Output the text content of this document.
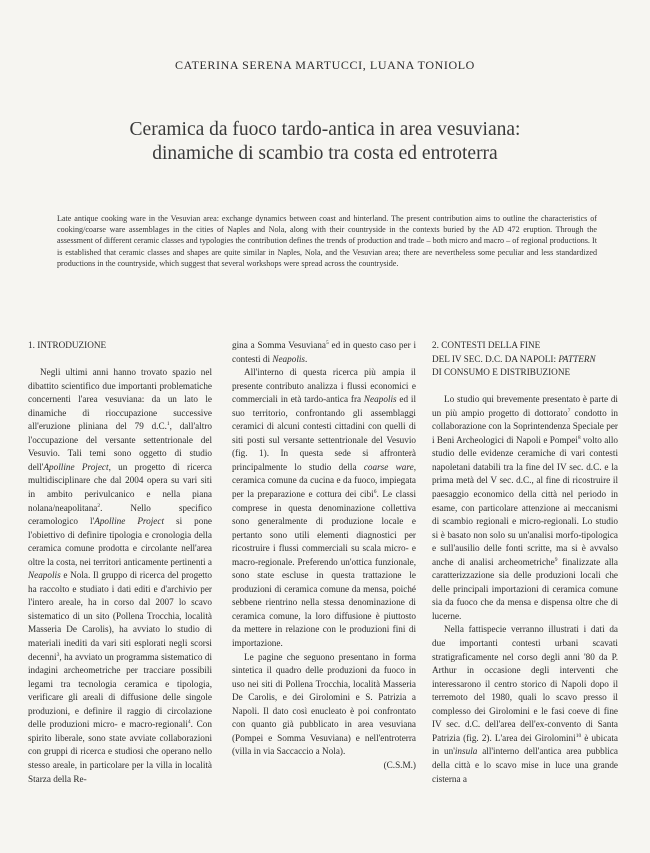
CATERINA SERENA MARTUCCI, LUANA TONIOLO
Ceramica da fuoco tardo-antica in area vesuviana:
dinamiche di scambio tra costa ed entroterra
Late antique cooking ware in the Vesuvian area: exchange dynamics between coast and hinterland. The present contribution aims to outline the characteristics of cooking/coarse ware assemblages in the cities of Naples and Nola, along with their countryside in the contexts buried by the AD 472 eruption. Through the assessment of different ceramic classes and typologies the contribution defines the trends of production and trade – both micro and macro – of regional productions. It is established that ceramic classes and shapes are quite similar in Naples, Nola, and the Vesuvian area; there are nevertheless some peculiar and less standardized productions in the countryside, which suggest that several workshops were spread across the countryside.

1. INTRODUZIONE

Negli ultimi anni hanno trovato spazio nel dibattito scientifico due importanti problematiche concernenti l'area vesuviana: da un lato le dinamiche di rioccupazione successive all'eruzione pliniana del 79 d.C.$^1$, dall'altro l'occupazione del versante settentrionale del Vesuvio. Tali temi sono oggetto di studio dell'Apolline Project, un progetto di ricerca multidisciplinare che dal 2004 opera su vari siti in ambito perivulcanico e nella piana nolana/neapolitana$^2$. Nello specifico ceramologico l'Apolline Project si pone l'obiettivo di definire tipologia e cronologia della ceramica comune prodotta e circolante nell'area oltre la costa, nei territori anticamente pertinenti a Neapolis e Nola. Il gruppo di ricerca del progetto ha raccolto e studiato i dati editi e d'archivio per l'intero areale, ha in corso dal 2007 lo scavo sistematico di un sito (Pollena Trocchia, località Masseria De Carolis), ha avviato lo studio di materiali inediti da vari siti esplorati negli scorsi decenni$^3$, ha avviato un programma sistematico di indagini archeometriche per tracciare possibili legami tra tecnologia ceramica e tipologia, verificare gli areali di diffusione delle singole produzioni, e definire il raggio di circolazione delle produzioni micro- e macro-regionali$^4$. Con spirito liberale, sono state avviate collaborazioni con gruppi di ricerca e studiosi che operano nello stesso areale, in particolare per la villa in località Starza della Re-

gina a Somma Vesuviana$^5$ ed in questo caso per i contesti di Neapolis.

All'interno di questa ricerca più ampia il presente contributo analizza i flussi economici e commerciali in età tardo-antica fra Neapolis ed il suo territorio, confrontando gli assemblaggi ceramici di alcuni contesti cittadini con quelli di siti posti sul versante settentrionale del Vesuvio (fig. 1). In questa sede si affronterà principalmente lo studio della coarse ware, ceramica comune da cucina e da fuoco, impiegata per la preparazione e cottura dei cibi$^6$. Le classi comprese in questa denominazione collettiva sono generalmente di produzione locale e pertanto sono utili elementi diagnostici per ricostruire i flussi commerciali su scala micro- e macro-regionale. Preferendo un'ottica funzionale, sono state escluse in questa trattazione le produzioni di ceramica comune da mensa, poiché sebbene rientrino nella stessa denominazione di ceramica comune, la loro diffusione è piuttosto da mettere in relazione con le produzioni fini di importazione.

Le pagine che seguono presentano in forma sintetica il quadro delle produzioni da fuoco in uso nei siti di Pollena Trocchia, località Masseria De Carolis, e dei Girolomini e S. Patrizia a Napoli. Il dato così enucleato è poi confrontato con quanto già pubblicato in area vesuviana (Pompei e Somma Vesuviana) e nell'entroterra (villa in via Saccaccio a Nola).

(C.S.M.)

2. CONTESTI DELLA FINE

DEL IV SEC. D.C. DA NAPOLI: PATTERN

DI CONSUMO E DISTRIBUZIONE

Lo studio qui brevemente presentato è parte di un più ampio progetto di dottorato$^7$ condotto in collaborazione con la Soprintendenza Speciale per i Beni Archeologici di Napoli e Pompei$^8$ volto allo studio delle evidenze ceramiche di vari contesti napoletani databili tra la fine del IV sec. d.C. e la prima metà del V sec. d.C., al fine di ricostruire il paesaggio economico della città nel periodo in esame, con particolare attenzione ai meccanismi di scambio regionali e micro-regionali. Lo studio si è basato non solo su un'analisi morfo-tipologica e sull'ausilio delle fonti scritte, ma si è avvalso anche di analisi archeometriche$^9$ finalizzate alla caratterizzazione sia delle produzioni locali che delle principali importazioni di ceramica comune sia da fuoco che da mensa e dispensa oltre che di lucerne.

Nella fattispecie verranno illustrati i dati da due importanti contesti urbani scavati stratigraficamente nel corso degli anni '80 da P. Arthur in occasione degli interventi che interessarono il centro storico di Napoli dopo il terremoto del 1980, quali lo scavo presso il complesso dei Girolomini e le fasi coeve di fine IV sec. d.C. dell'area dell'ex-convento di Santa Patrizia (fig. 2). L'area dei Girolomini$^{10}$ è ubicata in un'insula all'interno dell'antica area pubblica della città e lo scavo mise in luce una grande cisterna a
